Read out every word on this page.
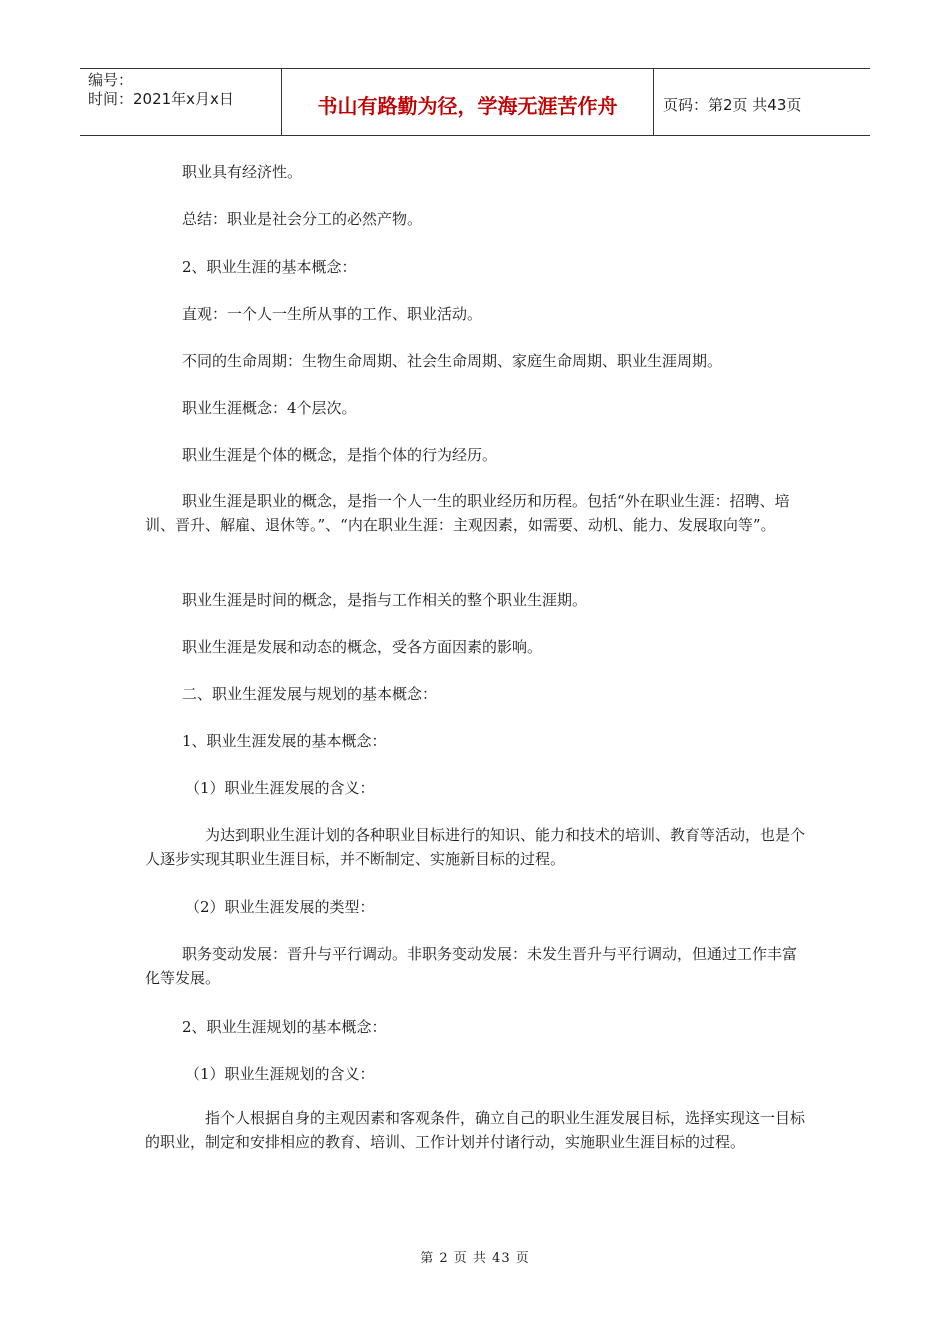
编号：
时间：2021年x月x日	书山有路勤为径，学海无涯苦作舟	页码：第2页 共43页

职业具有经济性。

总结：职业是社会分工的必然产物。

2、职业生涯的基本概念：

直观：一个人一生所从事的工作、职业活动。

不同的生命周期：生物生命周期、社会生命周期、家庭生命周期、职业生涯周期。

职业生涯概念：4个层次。

职业生涯是个体的概念，是指个体的行为经历。

职业生涯是职业的概念，是指一个人一生的职业经历和历程。包括“外在职业生涯：招聘、培训、晋升、解雇、退休等。”、“内在职业生涯：主观因素，如需要、动机、能力、发展取向等”。

职业生涯是时间的概念，是指与工作相关的整个职业生涯期。

职业生涯是发展和动态的概念，受各方面因素的影响。

二、职业生涯发展与规划的基本概念：

1、职业生涯发展的基本概念：

（1）职业生涯发展的含义：

为达到职业生涯计划的各种职业目标进行的知识、能力和技术的培训、教育等活动，也是个人逐步实现其职业生涯目标，并不断制定、实施新目标的过程。

（2）职业生涯发展的类型：

职务变动发展：晋升与平行调动。非职务变动发展：未发生晋升与平行调动，但通过工作丰富化等发展。

2、职业生涯规划的基本概念：

（1）职业生涯规划的含义：

指个人根据自身的主观因素和客观条件，确立自己的职业生涯发展目标，选择实现这一目标的职业，制定和安排相应的教育、培训、工作计划并付诸行动，实施职业生涯目标的过程。

第 2 页 共 43 页
